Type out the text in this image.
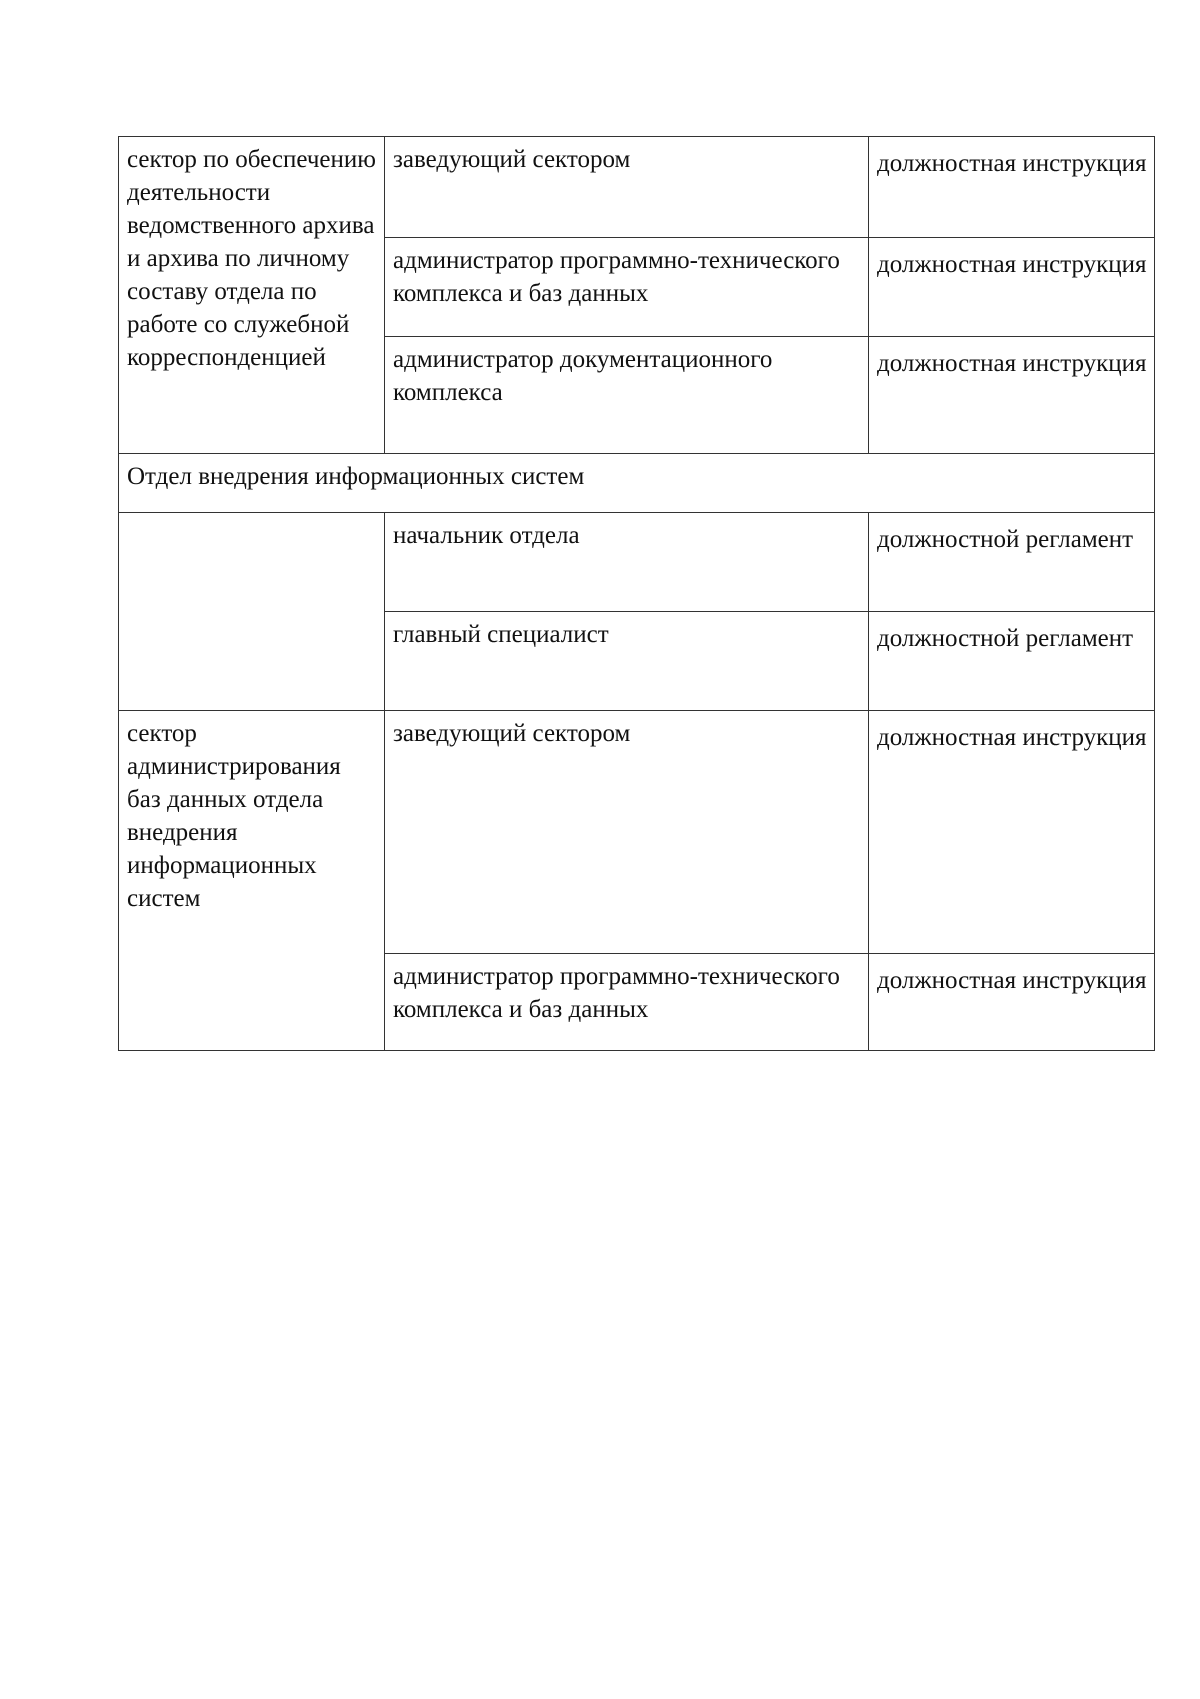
сектор по обеспечению деятельности ведомственного архива и архива по личному составу отдела по работе со служебной корреспонденцией	заведующий сектором	должностная инструкция

	администратор программно-технического комплекса и баз данных	должностная инструкция

	администратор документационного комплекса	должностная инструкция

Отдел внедрения информационных систем		

	начальник отдела	должностной регламент

	главный специалист	должностной регламент

сектор администрирования баз данных отдела внедрения информационных систем	заведующий сектором	должностная инструкция

	администратор программно-технического комплекса и баз данных	должностная инструкция
